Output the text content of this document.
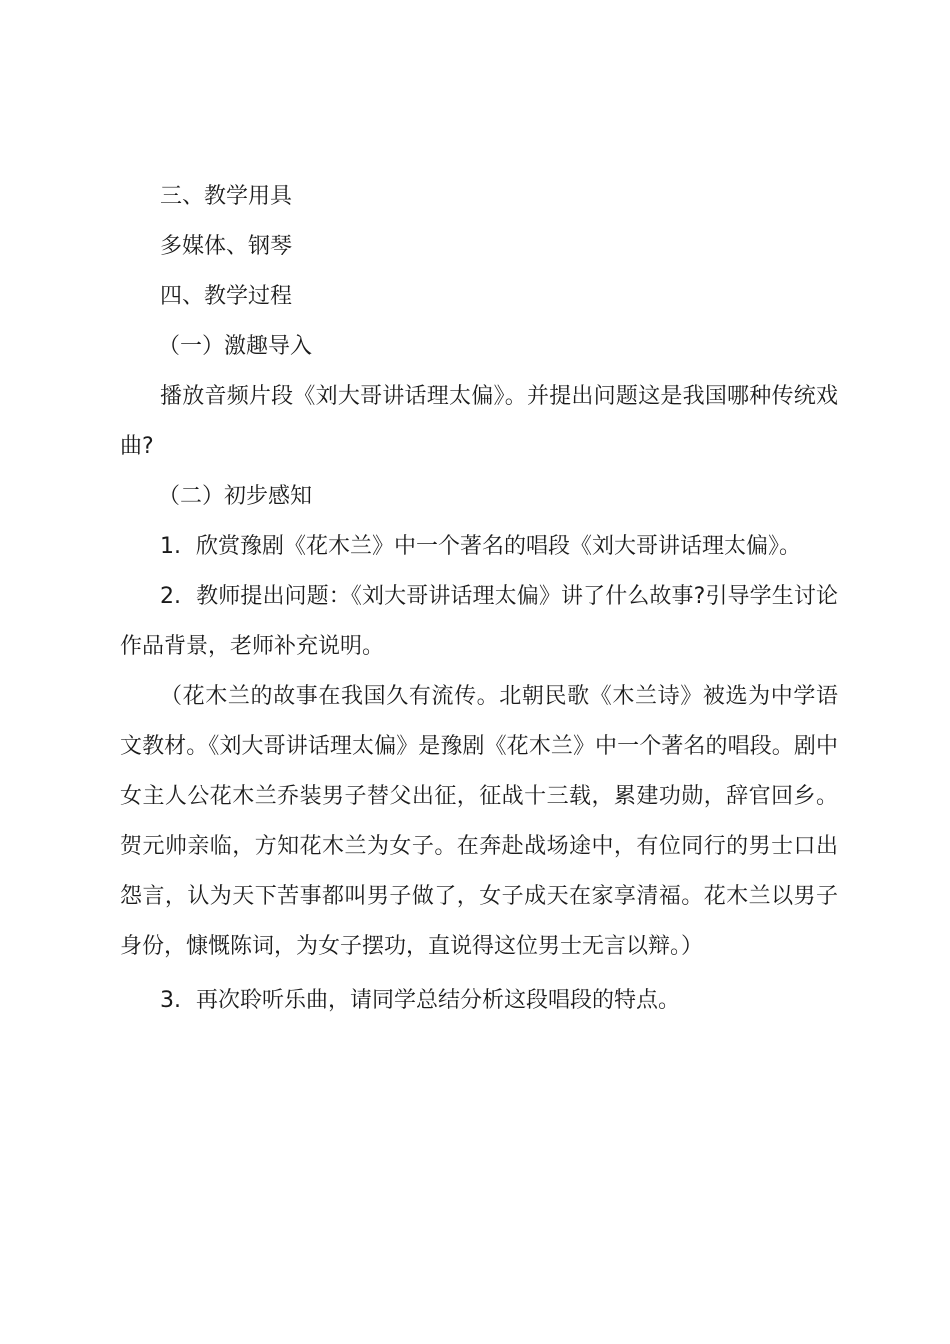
三、教学用具
多媒体、钢琴
四、教学过程
（一）激趣导入

播放音频片段《刘大哥讲话理太偏》。并提出问题这是我国哪种传统戏曲?

（二）初步感知
1. 欣赏豫剧《花木兰》中一个著名的唱段《刘大哥讲话理太偏》。

2. 教师提出问题：《刘大哥讲话理太偏》讲了什么故事?引导学生讨论作品背景，老师补充说明。

（花木兰的故事在我国久有流传。北朝民歌《木兰诗》被选为中学语文教材。《刘大哥讲话理太偏》是豫剧《花木兰》中一个著名的唱段。剧中女主人公花木兰乔装男子替父出征，征战十三载，累建功勋，辞官回乡。贺元帅亲临，方知花木兰为女子。在奔赴战场途中，有位同行的男士口出怨言，认为天下苦事都叫男子做了，女子成天在家享清福。花木兰以男子身份，慷慨陈词，为女子摆功，直说得这位男士无言以辩。）

3. 再次聆听乐曲，请同学总结分析这段唱段的特点。
